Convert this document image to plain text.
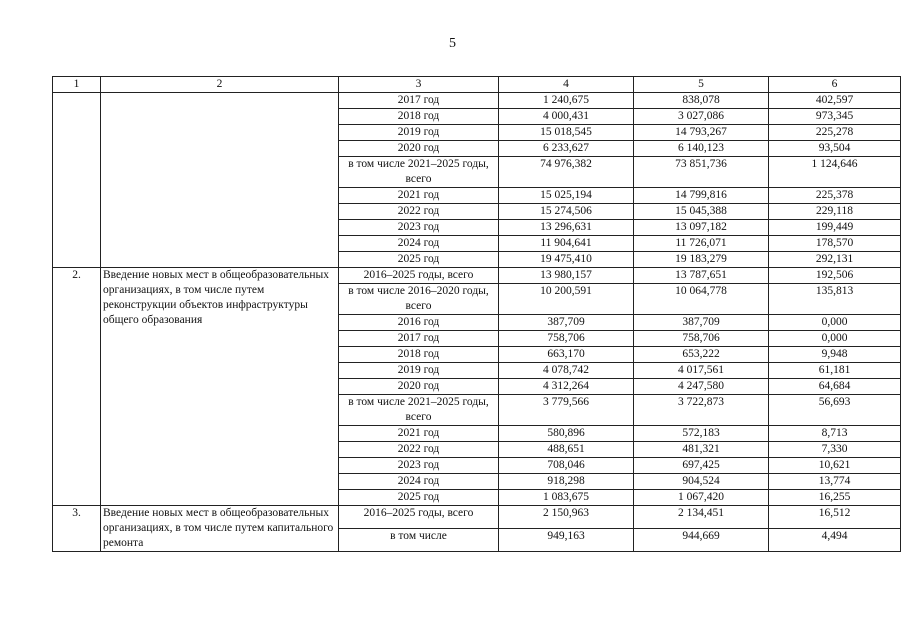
5
1	2	3	4	5	6
		2017 год	1 240,675	838,078	402,597
		2018 год	4 000,431	3 027,086	973,345
		2019 год	15 018,545	14 793,267	225,278
		2020 год	6 233,627	6 140,123	93,504
		в том числе 2021–2025 годы, всего	74 976,382	73 851,736	1 124,646
		2021 год	15 025,194	14 799,816	225,378
		2022 год	15 274,506	15 045,388	229,118
		2023 год	13 296,631	13 097,182	199,449
		2024 год	11 904,641	11 726,071	178,570
		2025 год	19 475,410	19 183,279	292,131
2.	Введение новых мест в общеобразовательных организациях, в том числе путем реконструкции объектов инфраструктуры общего образования	2016–2025 годы, всего	13 980,157	13 787,651	192,506
		в том числе 2016–2020 годы, всего	10 200,591	10 064,778	135,813
		2016 год	387,709	387,709	0,000
		2017 год	758,706	758,706	0,000
		2018 год	663,170	653,222	9,948
		2019 год	4 078,742	4 017,561	61,181
		2020 год	4 312,264	4 247,580	64,684
		в том числе 2021–2025 годы, всего	3 779,566	3 722,873	56,693
		2021 год	580,896	572,183	8,713
		2022 год	488,651	481,321	7,330
		2023 год	708,046	697,425	10,621
		2024 год	918,298	904,524	13,774
		2025 год	1 083,675	1 067,420	16,255
3.	Введение новых мест в общеобразовательных организациях, в том числе путем капитального ремонта	2016–2025 годы, всего	2 150,963	2 134,451	16,512
		в том числе	949,163	944,669	4,494
